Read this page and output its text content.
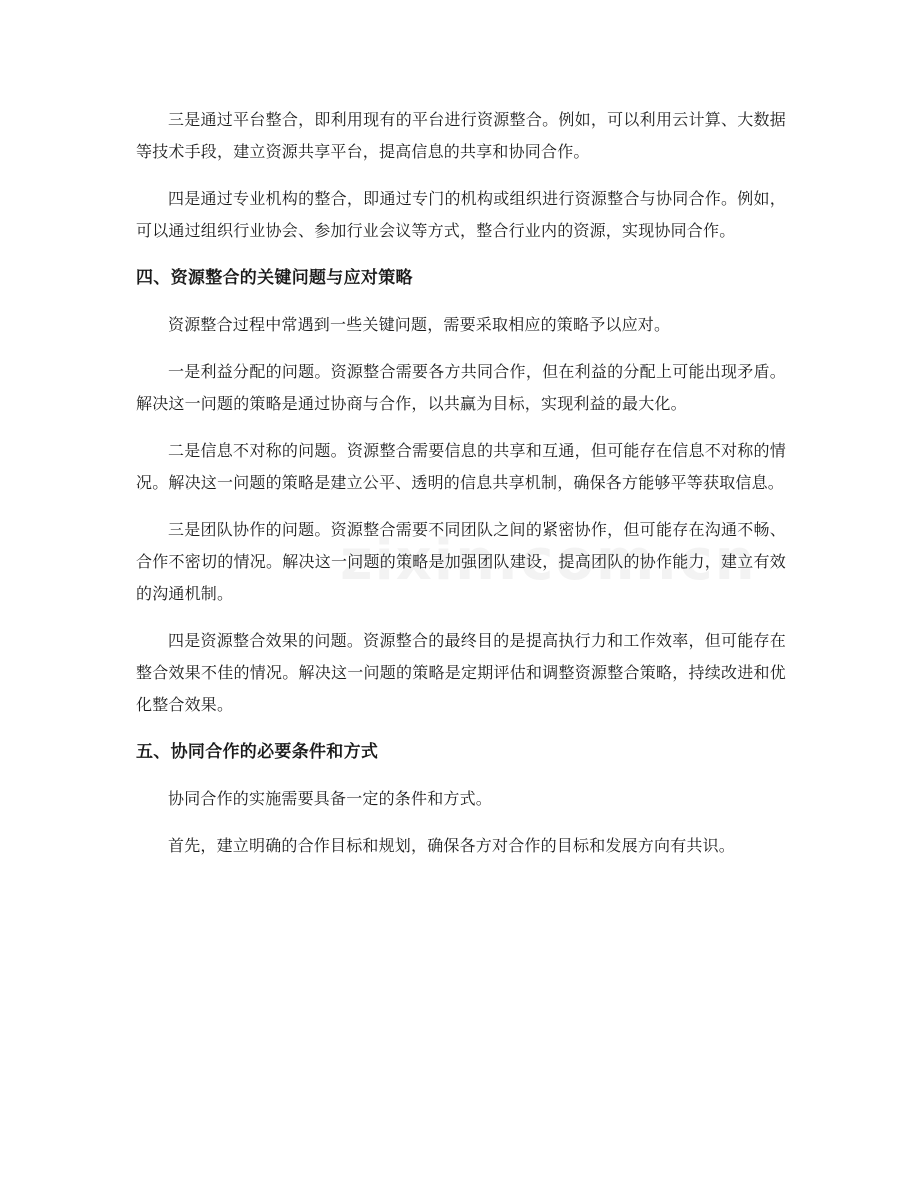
三是通过平台整合，即利用现有的平台进行资源整合。例如，可以利用云计算、大数据等技术手段，建立资源共享平台，提高信息的共享和协同合作。

四是通过专业机构的整合，即通过专门的机构或组织进行资源整合与协同合作。例如，可以通过组织行业协会、参加行业会议等方式，整合行业内的资源，实现协同合作。

四、资源整合的关键问题与应对策略

资源整合过程中常遇到一些关键问题，需要采取相应的策略予以应对。

一是利益分配的问题。资源整合需要各方共同合作，但在利益的分配上可能出现矛盾。解决这一问题的策略是通过协商与合作，以共赢为目标，实现利益的最大化。

二是信息不对称的问题。资源整合需要信息的共享和互通，但可能存在信息不对称的情况。解决这一问题的策略是建立公平、透明的信息共享机制，确保各方能够平等获取信息。

三是团队协作的问题。资源整合需要不同团队之间的紧密协作，但可能存在沟通不畅、合作不密切的情况。解决这一问题的策略是加强团队建设，提高团队的协作能力，建立有效的沟通机制。

四是资源整合效果的问题。资源整合的最终目的是提高执行力和工作效率，但可能存在整合效果不佳的情况。解决这一问题的策略是定期评估和调整资源整合策略，持续改进和优化整合效果。

五、协同合作的必要条件和方式

协同合作的实施需要具备一定的条件和方式。

首先，建立明确的合作目标和规划，确保各方对合作的目标和发展方向有共识。
